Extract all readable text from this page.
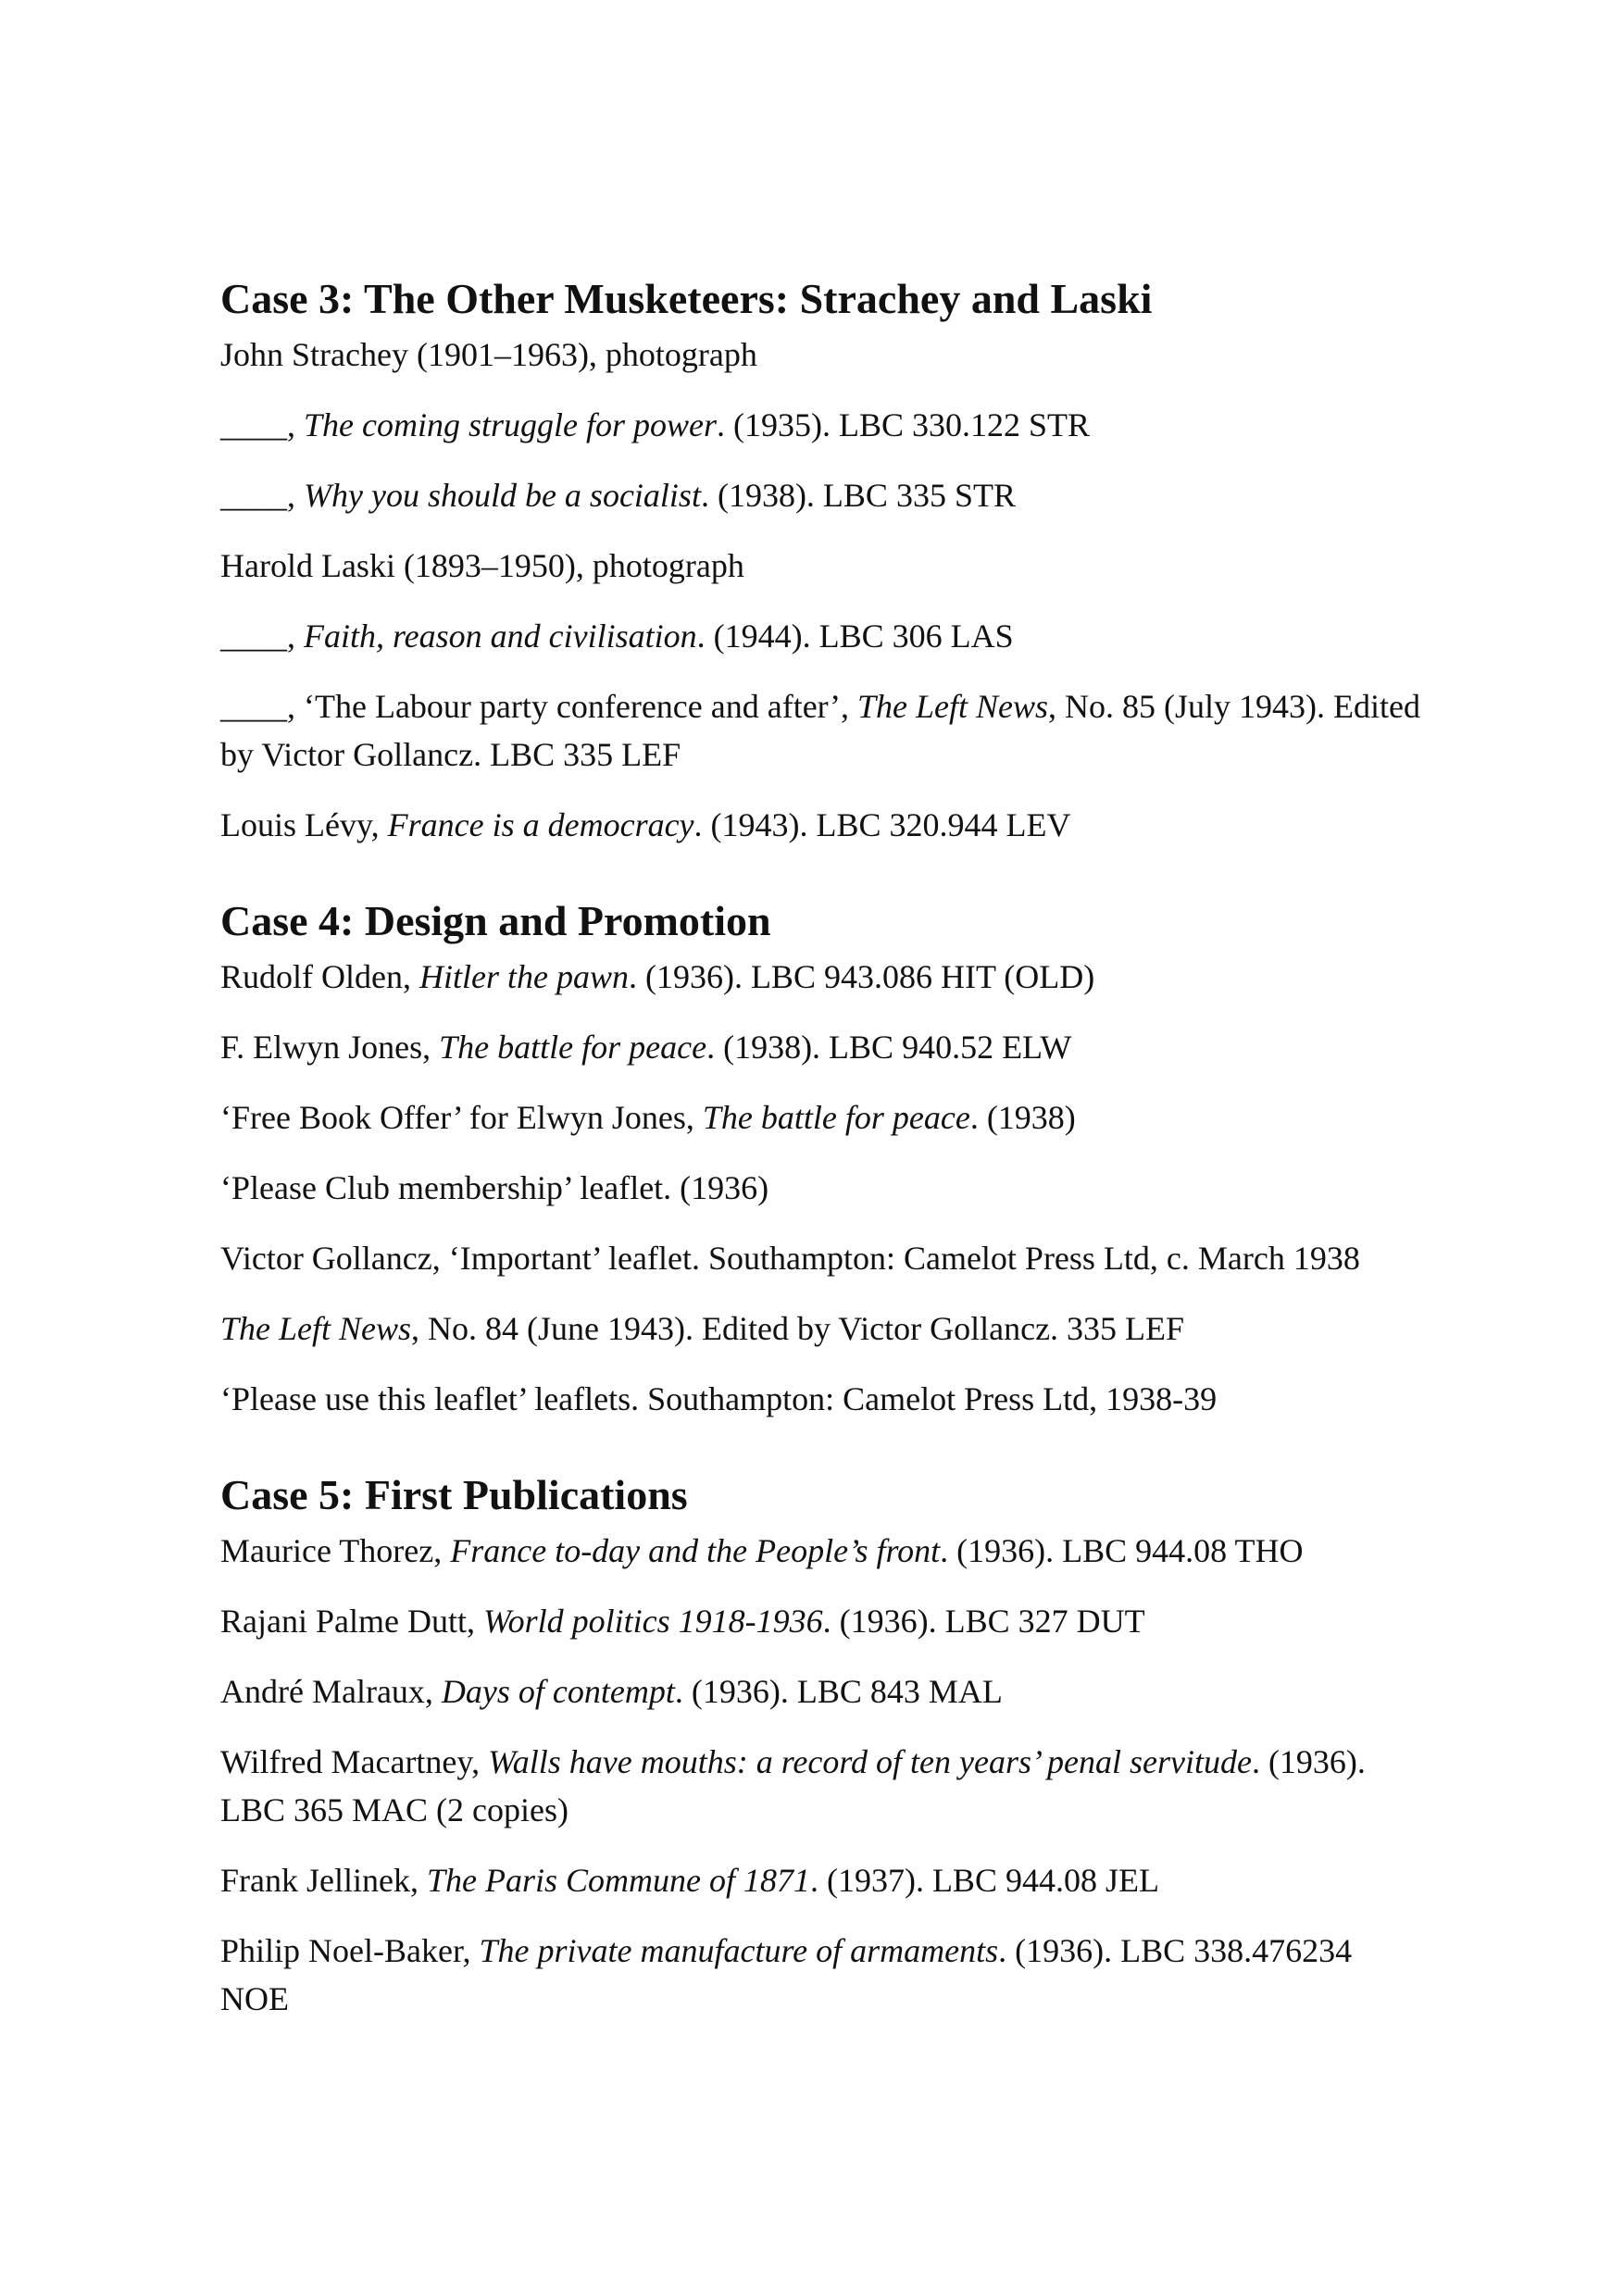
Case 3: The Other Musketeers: Strachey and Laski
John Strachey (1901–1963), photograph
____, The coming struggle for power. (1935). LBC 330.122 STR
____, Why you should be a socialist. (1938). LBC 335 STR
Harold Laski (1893–1950), photograph
____, Faith, reason and civilisation. (1944). LBC 306 LAS
____, ‘The Labour party conference and after’, The Left News, No. 85 (July 1943). Edited by Victor Gollancz. LBC 335 LEF
Louis Lévy, France is a democracy. (1943). LBC 320.944 LEV
Case 4: Design and Promotion
Rudolf Olden, Hitler the pawn. (1936). LBC 943.086 HIT (OLD)
F. Elwyn Jones, The battle for peace. (1938). LBC 940.52 ELW
‘Free Book Offer’ for Elwyn Jones, The battle for peace. (1938)
‘Please Club membership’ leaflet. (1936)
Victor Gollancz, ‘Important’ leaflet. Southampton: Camelot Press Ltd, c. March 1938
The Left News, No. 84 (June 1943). Edited by Victor Gollancz. 335 LEF
‘Please use this leaflet’ leaflets. Southampton: Camelot Press Ltd, 1938-39
Case 5: First Publications
Maurice Thorez, France to-day and the People’s front. (1936). LBC 944.08 THO
Rajani Palme Dutt, World politics 1918-1936. (1936). LBC 327 DUT
André Malraux, Days of contempt. (1936). LBC 843 MAL
Wilfred Macartney, Walls have mouths: a record of ten years’ penal servitude. (1936). LBC 365 MAC (2 copies)
Frank Jellinek, The Paris Commune of 1871. (1937). LBC 944.08 JEL
Philip Noel-Baker, The private manufacture of armaments. (1936). LBC 338.476234 NOE
